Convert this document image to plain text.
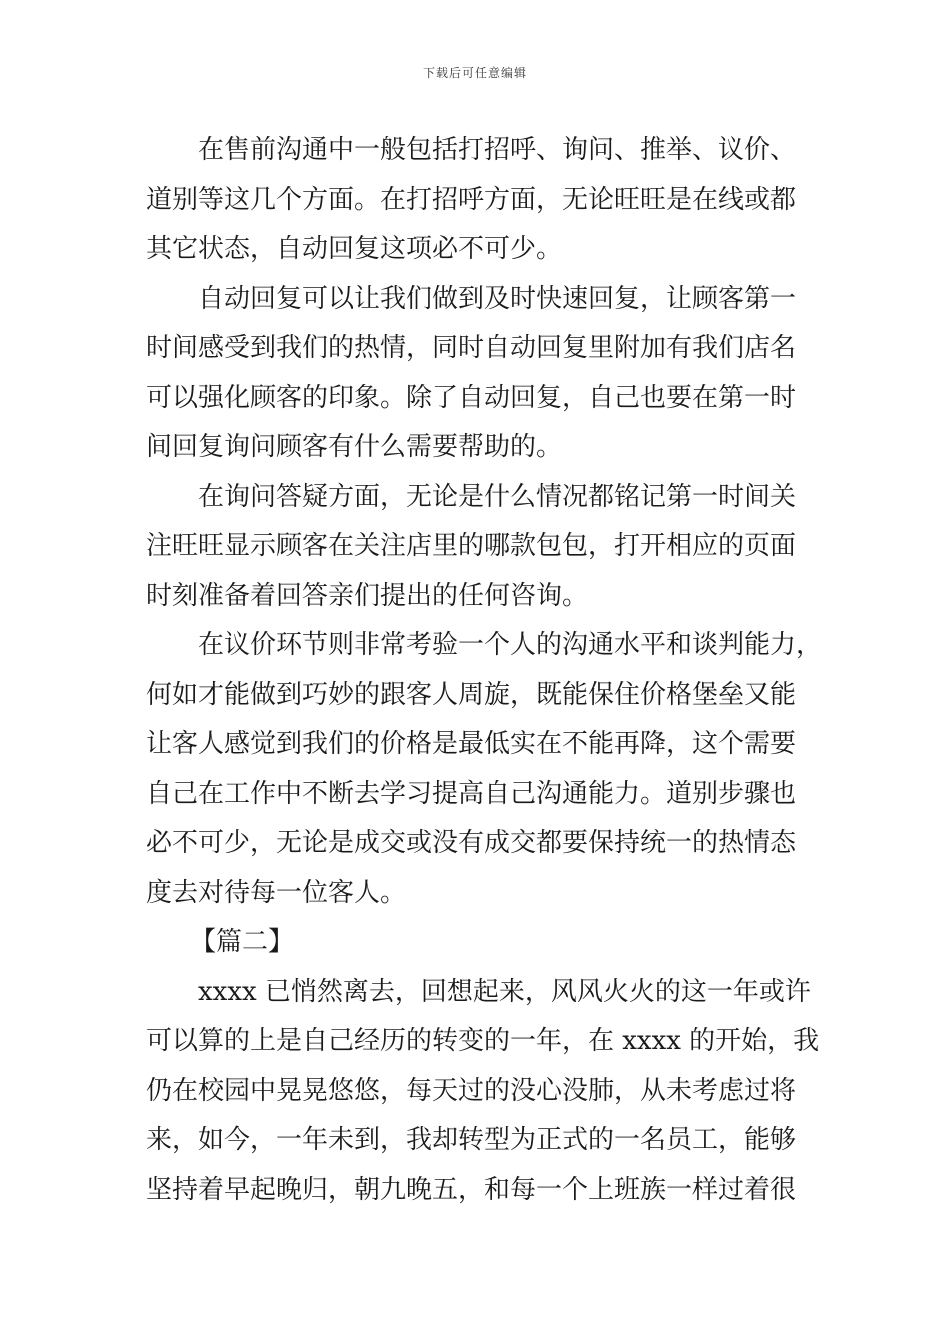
下载后可任意编辑
在售前沟通中一般包括打招呼、询问、推举、议价、
道别等这几个方面。在打招呼方面，无论旺旺是在线或都
其它状态，自动回复这项必不可少。
自动回复可以让我们做到及时快速回复，让顾客第一
时间感受到我们的热情，同时自动回复里附加有我们店名
可以强化顾客的印象。除了自动回复，自己也要在第一时
间回复询问顾客有什么需要帮助的。
在询问答疑方面，无论是什么情况都铭记第一时间关
注旺旺显示顾客在关注店里的哪款包包，打开相应的页面
时刻准备着回答亲们提出的任何咨询。
在议价环节则非常考验一个人的沟通水平和谈判能力，
何如才能做到巧妙的跟客人周旋，既能保住价格堡垒又能
让客人感觉到我们的价格是最低实在不能再降，这个需要
自己在工作中不断去学习提高自己沟通能力。道别步骤也
必不可少，无论是成交或没有成交都要保持统一的热情态
度去对待每一位客人。
【篇二】
xxxx 已悄然离去，回想起来，风风火火的这一年或许
可以算的上是自己经历的转变的一年，在 xxxx 的开始，我
仍在校园中晃晃悠悠，每天过的没心没肺，从未考虑过将
来，如今，一年未到，我却转型为正式的一名员工，能够
坚持着早起晚归，朝九晚五，和每一个上班族一样过着很
